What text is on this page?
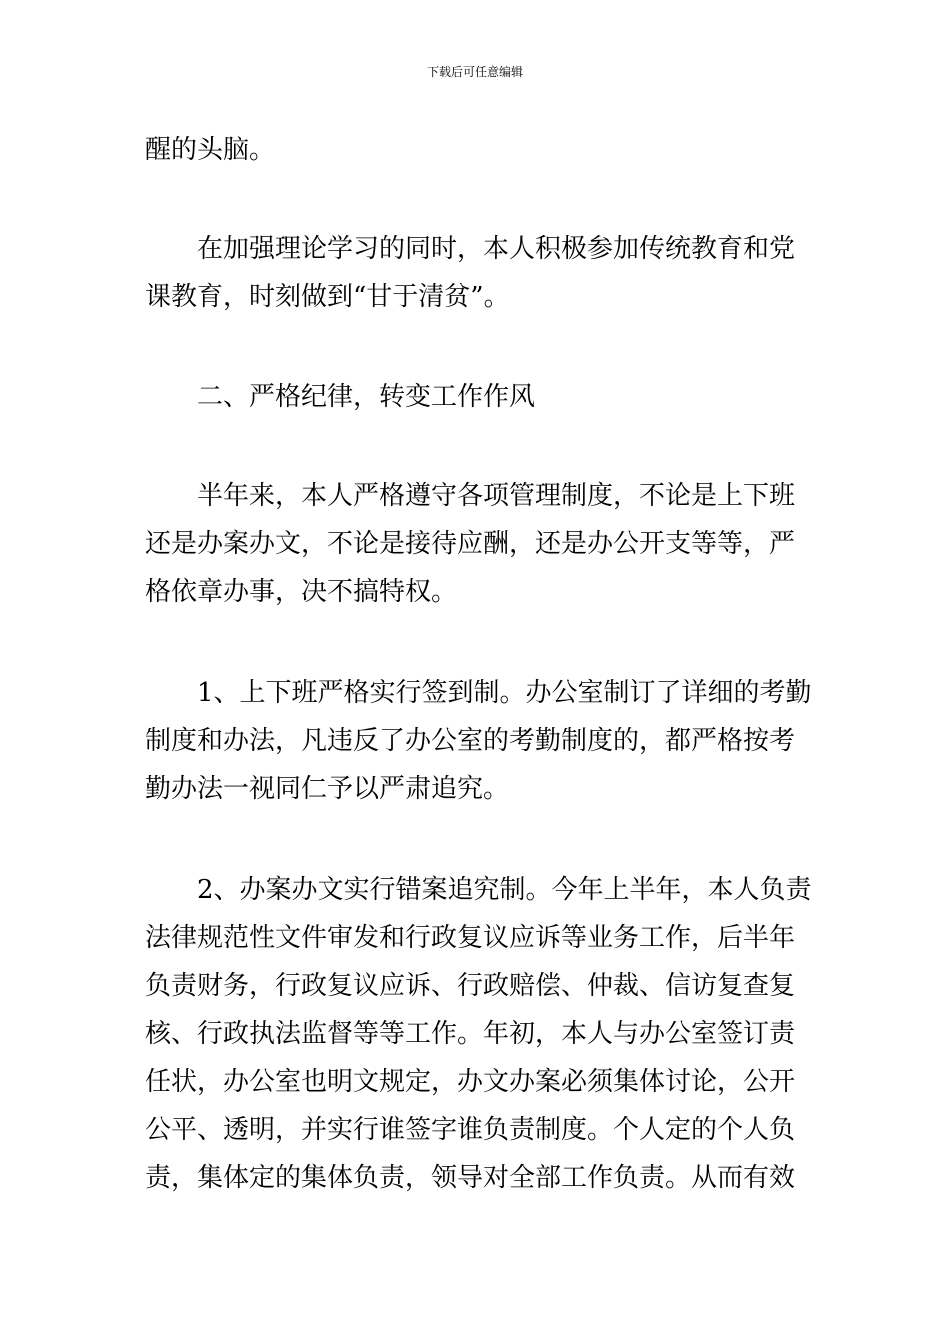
下载后可任意编辑
醒的头脑。
在加强理论学习的同时，本人积极参加传统教育和党
课教育，时刻做到“甘于清贫”。
二、严格纪律，转变工作作风
半年来，本人严格遵守各项管理制度，不论是上下班
还是办案办文，不论是接待应酬，还是办公开支等等，严
格依章办事，决不搞特权。
1、上下班严格实行签到制。办公室制订了详细的考勤
制度和办法，凡违反了办公室的考勤制度的，都严格按考
勤办法一视同仁予以严肃追究。
2、办案办文实行错案追究制。今年上半年，本人负责
法律规范性文件审发和行政复议应诉等业务工作，后半年
负责财务，行政复议应诉、行政赔偿、仲裁、信访复查复
核、行政执法监督等等工作。年初，本人与办公室签订责
任状，办公室也明文规定，办文办案必须集体讨论，公开
公平、透明，并实行谁签字谁负责制度。个人定的个人负
责，集体定的集体负责，领导对全部工作负责。从而有效
